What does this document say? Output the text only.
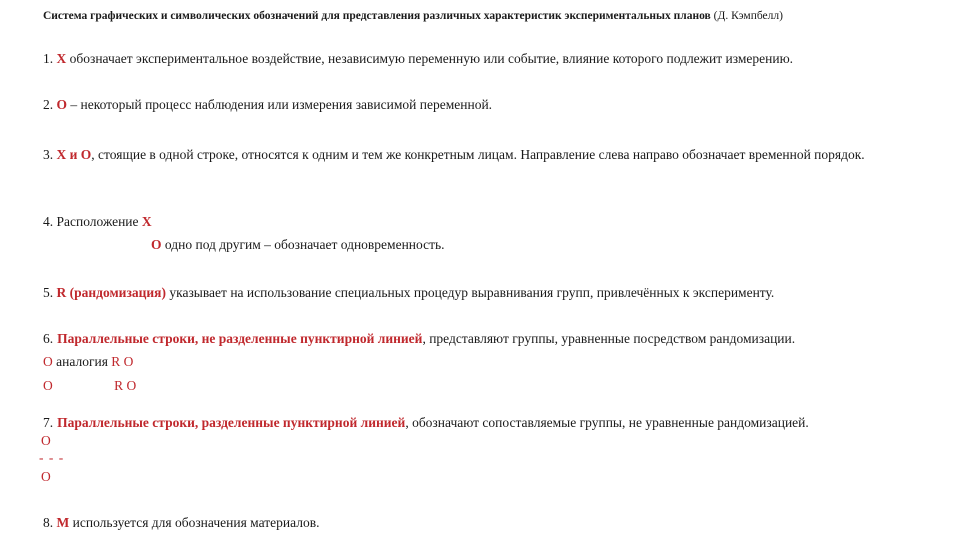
Система графических и символических обозначений для представления различных характеристик экспериментальных планов (Д. Кэмпбелл)
1. X обозначает экспериментальное воздействие, независимую переменную или событие, влияние которого подлежит измерению.
2. O – некоторый процесс наблюдения или измерения зависимой переменной.
3. X и O, стоящие в одной строке, относятся к одним и тем же конкретным лицам. Направление слева направо обозначает временной порядок.
4. Расположение X
O одно под другим – обозначает одновременность.
5. R (рандомизация) указывает на использование специальных процедур выравнивания групп, привлечённых к эксперименту.
6. Параллельные строки, не разделенные пунктирной линией, представляют группы, уравненные посредством рандомизации.
O аналогия R O
O	R O
7. Параллельные строки, разделенные пунктирной линией, обозначают сопоставляемые группы, не уравненные рандомизацией.
O
- - -
O
8. M используется для обозначения материалов.
